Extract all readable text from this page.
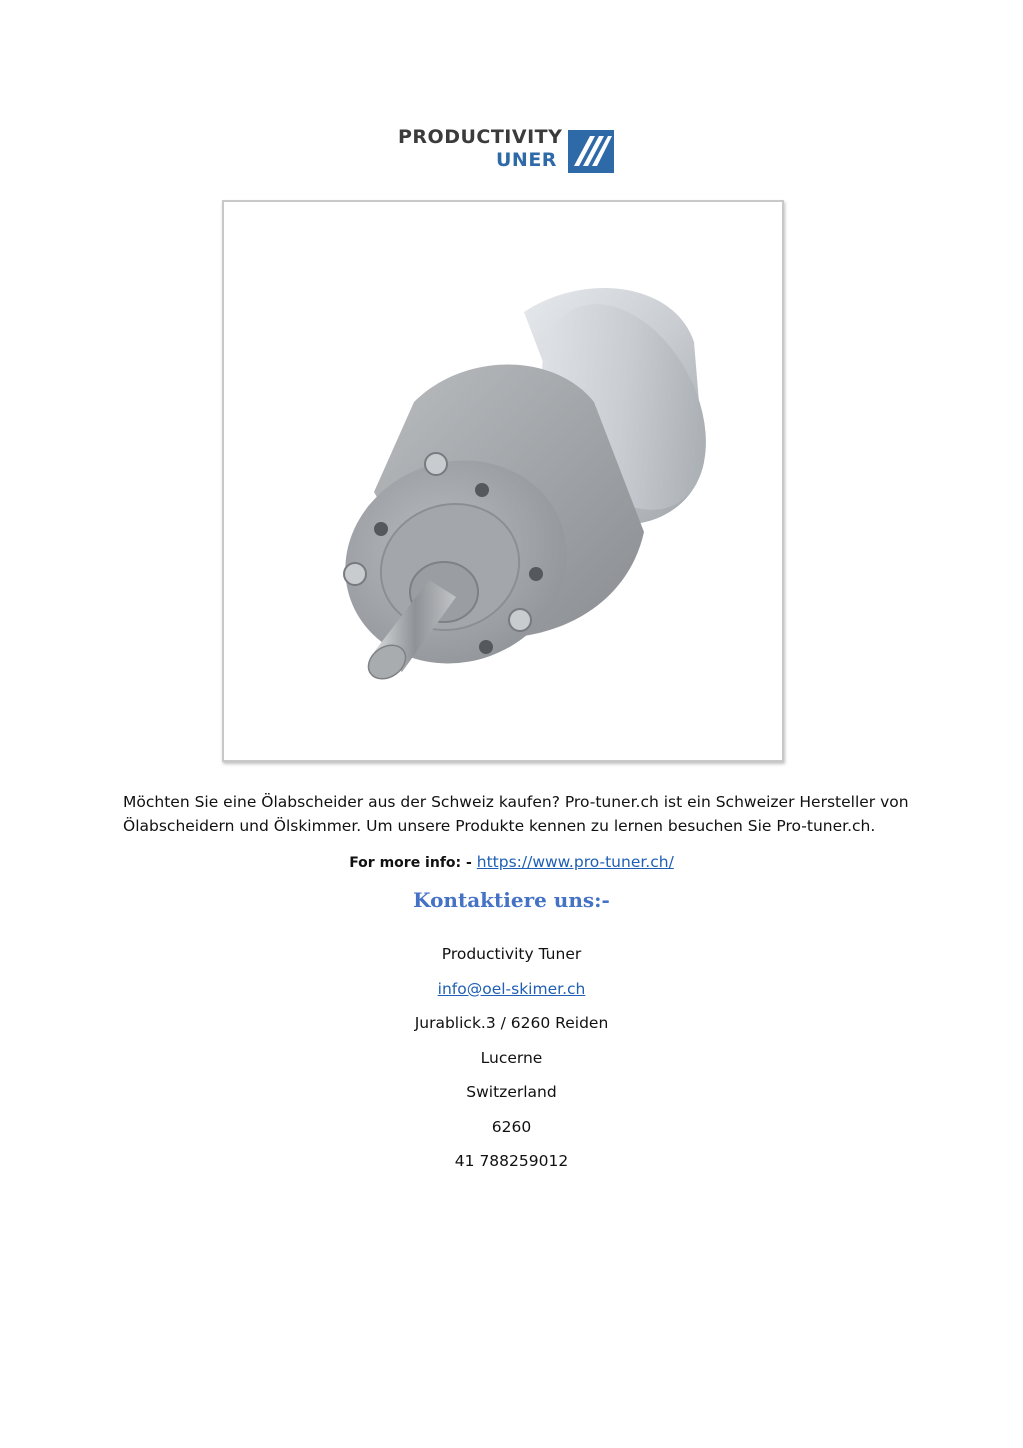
PRODUCTIVITY
UNER

Möchten Sie eine Ölabscheider aus der Schweiz kaufen? Pro-tuner.ch ist ein Schweizer Hersteller von Ölabscheidern und Ölskimmer. Um unsere Produkte kennen zu lernen besuchen Sie Pro-tuner.ch.

For more info: - https://www.pro-tuner.ch/
Kontaktiere uns:-
Productivity Tuner
info@oel-skimer.ch
Jurablick.3 / 6260 Reiden
Lucerne
Switzerland
6260
41 788259012
